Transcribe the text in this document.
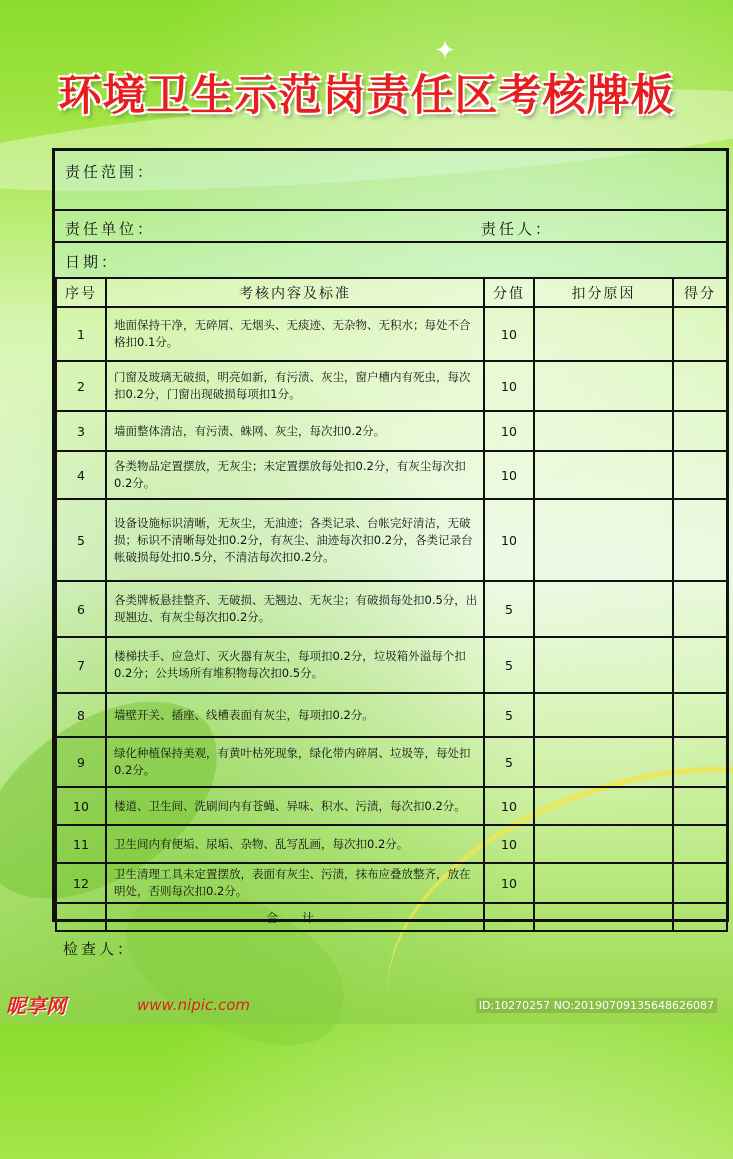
✦
环境卫生示范岗责任区考核牌板
责任范围：
责任单位：	责任人：
日期：
序号	考核内容及标准	分值	扣分原因	得分
1	地面保持干净，无碎屑、无烟头、无痰迹、无杂物、无积水；每处不合格扣0.1分。	10		
2	门窗及玻璃无破损，明亮如新，有污渍、灰尘，窗户槽内有死虫，每次扣0.2分，门窗出现破损每项扣1分。	10		
3	墙面整体清洁，有污渍、蛛网、灰尘，每次扣0.2分。	10		
4	各类物品定置摆放，无灰尘；未定置摆放每处扣0.2分，有灰尘每次扣0.2分。	10		
5	设备设施标识清晰，无灰尘，无油迹；各类记录、台帐完好清洁，无破损；标识不清晰每处扣0.2分，有灰尘、油迹每次扣0.2分，各类记录台帐破损每处扣0.5分，不清洁每次扣0.2分。	10		
6	各类牌板悬挂整齐、无破损、无翘边、无灰尘；有破损每处扣0.5分，出现翘边、有灰尘每次扣0.2分。	5		
7	楼梯扶手、应急灯、灭火器有灰尘，每项扣0.2分，垃圾箱外溢每个扣0.2分；公共场所有堆积物每次扣0.5分。	5		
8	墙壁开关、插座、线槽表面有灰尘，每项扣0.2分。	5		
9	绿化种植保持美观，有黄叶枯死现象，绿化带内碎屑、垃圾等，每处扣0.2分。	5		
10	楼道、卫生间、洗刷间内有苍蝇、异味、积水、污渍，每次扣0.2分。	10		
11	卫生间内有便垢、尿垢、杂物、乱写乱画，每次扣0.2分。	10		
12	卫生清理工具未定置摆放，表面有灰尘、污渍，抹布应叠放整齐，放在明处，否则每次扣0.2分。	10		
	合 计			
检查人：
昵享网	www.nipic.com	ID:10270257 NO:20190709135648626087
